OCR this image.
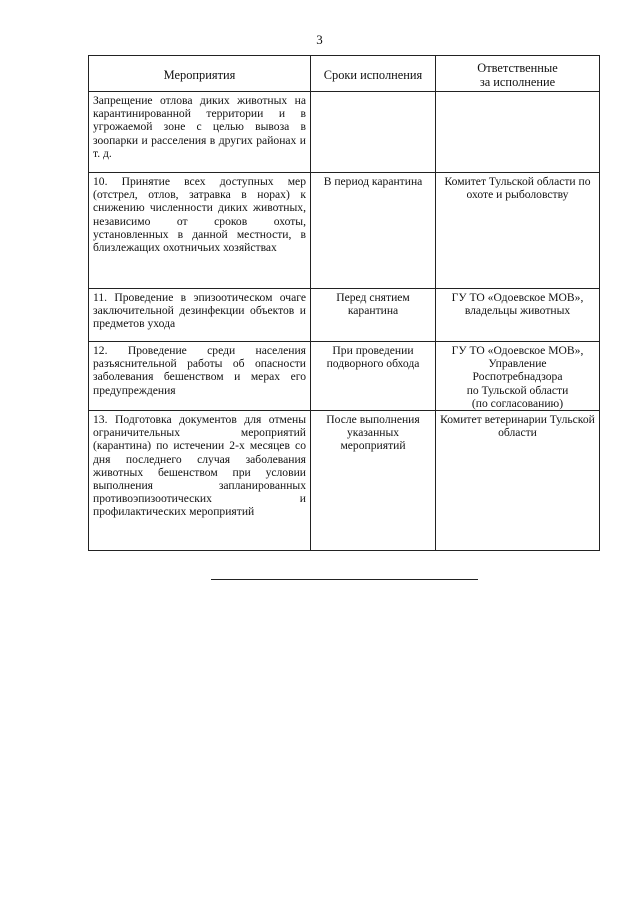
3
Мероприятия	Сроки исполнения	Ответственные
за исполнение

Запрещение отлова диких животных на карантинированной территории и в угрожаемой зоне с целью вывоза в зоопарки и расселения в других районах и т. д.		
10. Принятие всех доступных мер (отстрел, отлов, затравка в норах) к снижению численности диких животных, независимо от сроков охоты, установленных в данной местности, в близлежащих охотничьих хозяйствах	В период карантина	Комитет Тульской области по охоте и рыболовству
11. Проведение в эпизоотическом очаге заключительной дезинфекции объектов и предметов ухода	Перед снятием карантина	ГУ ТО «Одоевское МОВ», владельцы животных
12. Проведение среди населения разъяснительной работы об опасности заболевания бешенством и мерах его предупреждения	При проведении подворного обхода	ГУ ТО «Одоевское МОВ»,
Управление
Роспотребнадзора
по Тульской области
(по согласованию)

13. Подготовка документов для отмены ограничительных мероприятий (карантина) по истечении 2-х месяцев со дня последнего случая заболевания животных бешенством при условии выполнения запланированных противоэпизоотических и профилактических мероприятий	После выполнения указанных мероприятий	Комитет ветеринарии Тульской области
